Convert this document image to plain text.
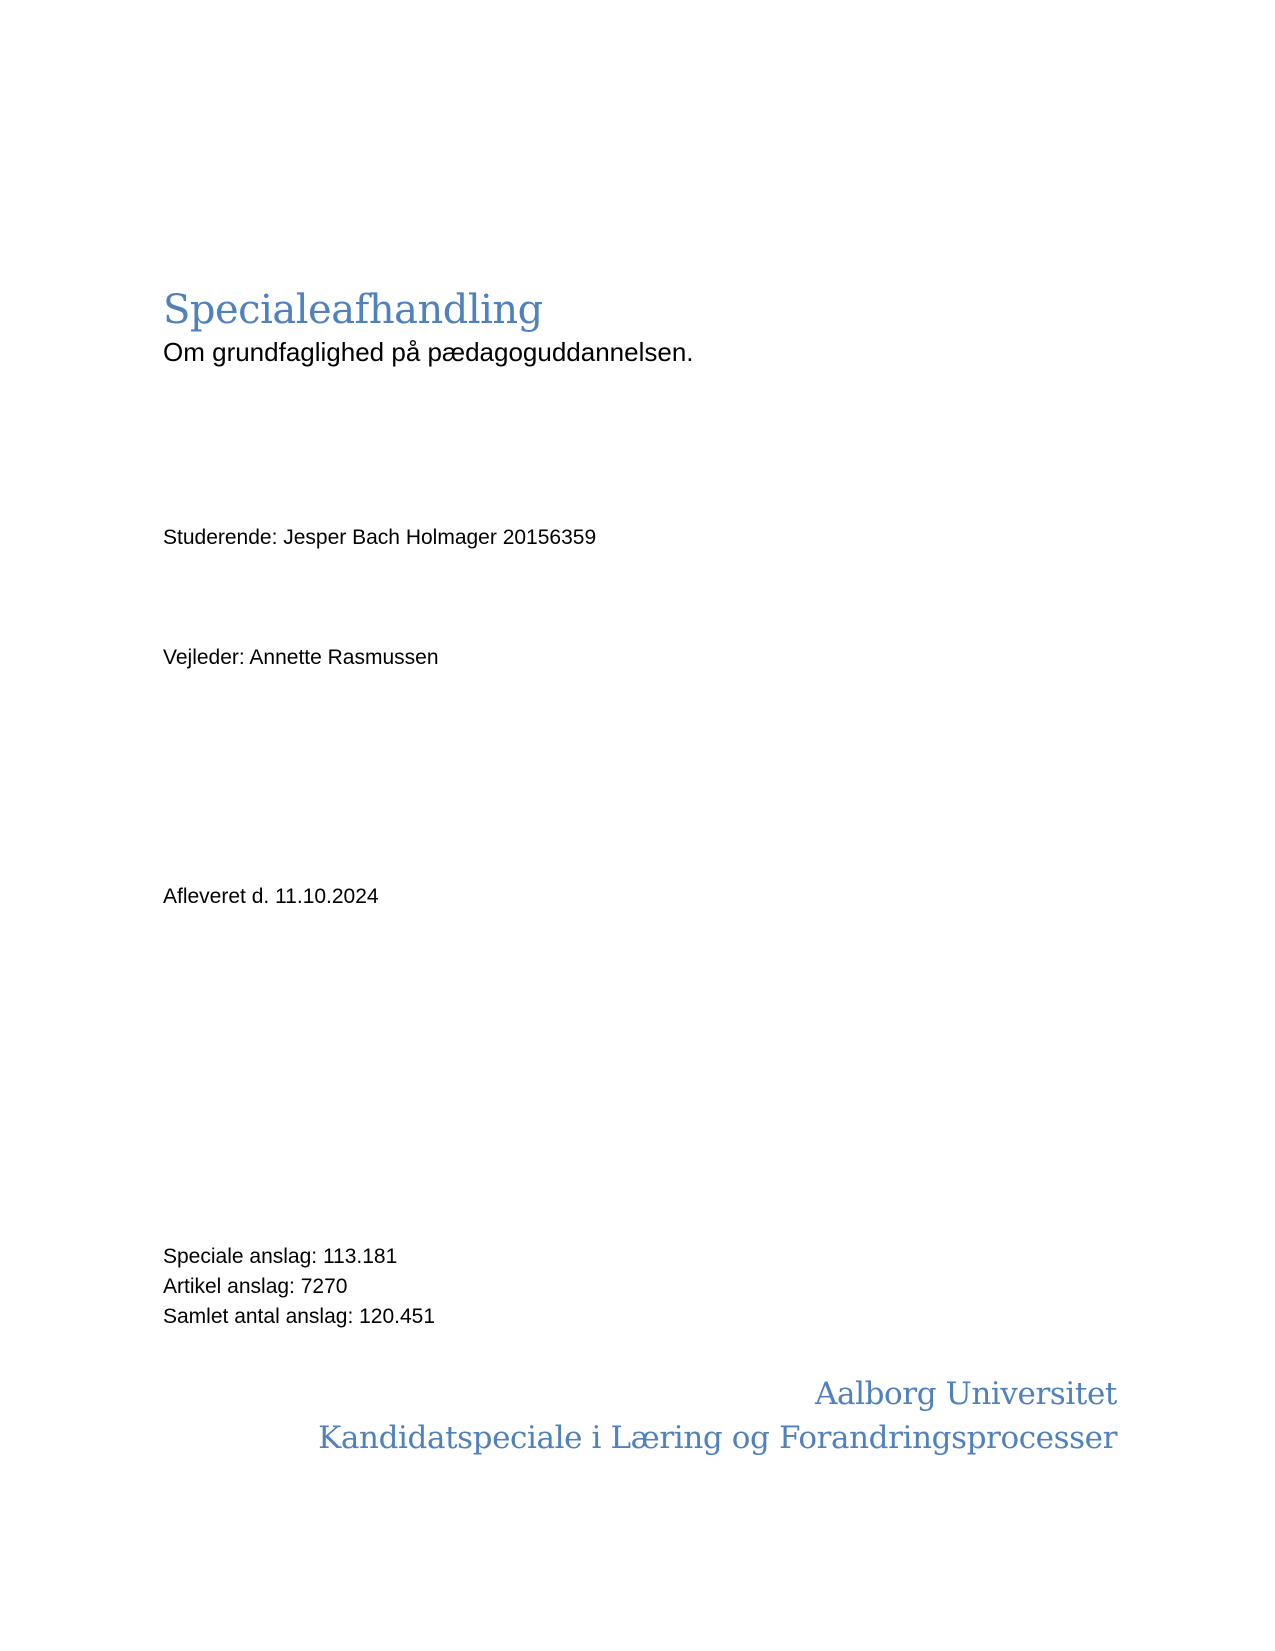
Specialeafhandling
Om grundfaglighed på pædagoguddannelsen.
Studerende: Jesper Bach Holmager 20156359
Vejleder: Annette Rasmussen
Afleveret d. 11.10.2024
Speciale anslag: 113.181
Artikel anslag: 7270
Samlet antal anslag: 120.451
Aalborg Universitet
Kandidatspeciale i Læring og Forandringsprocesser
